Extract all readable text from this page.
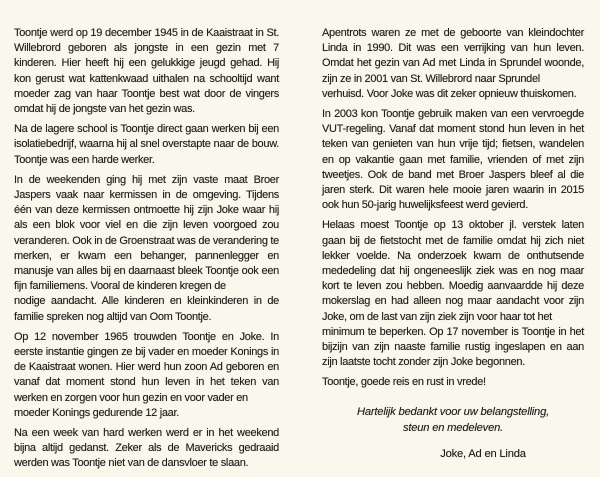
Toontje werd op 19 december 1945 in de Kaaistraat in St. Willebrord geboren als jongste in een gezin met 7 kinderen. Hier heeft hij een gelukkige jeugd gehad. Hij kon gerust wat kattenkwaad uithalen na schooltijd want moeder zag van haar Toontje best wat door de vingers omdat hij de jongste van het gezin was.

Na de lagere school is Toontje direct gaan werken bij een isolatiebedrijf, waarna hij al snel overstapte naar de bouw. Toontje was een harde werker.

In de weekenden ging hij met zijn vaste maat Broer Jaspers vaak naar kermissen in de omgeving. Tijdens één van deze kermissen ontmoette hij zijn Joke waar hij als een blok voor viel en die zijn leven voorgoed zou veranderen. Ook in de Groenstraat was de verandering te merken, er kwam een behanger, pannenlegger en manusje van alles bij en daarnaast bleek Toontje ook een fijn familiemens. Vooral de kinderen kregen de
nodige aandacht. Alle kinderen en kleinkinderen in de familie spreken nog altijd van Oom Toontje.

Op 12 november 1965 trouwden Toontje en Joke. In eerste instantie gingen ze bij vader en moeder Konings in de Kaaistraat wonen. Hier werd hun zoon Ad geboren en vanaf dat moment stond hun leven in het teken van werken en zorgen voor hun gezin en voor vader en
moeder Konings gedurende 12 jaar.

Na een week van hard werken werd er in het weekend bijna altijd gedanst. Zeker als de Mavericks gedraaid werden was Toontje niet van de dansvloer te slaan.

Apentrots waren ze met de geboorte van kleindochter Linda in 1990. Dit was een verrijking van hun leven. Omdat het gezin van Ad met Linda in Sprundel woonde, zijn ze in 2001 van St. Willebrord naar Sprundel
verhuisd. Voor Joke was dit zeker opnieuw thuiskomen.

In 2003 kon Toontje gebruik maken van een vervroegde VUT-regeling. Vanaf dat moment stond hun leven in het teken van genieten van hun vrije tijd; fietsen, wandelen en op vakantie gaan met familie, vrienden of met zijn tweetjes. Ook de band met Broer Jaspers bleef al die jaren sterk. Dit waren hele mooie jaren waarin in 2015 ook hun 50-jarig huwelijksfeest werd gevierd.

Helaas moest Toontje op 13 oktober jl. verstek laten gaan bij de fietstocht met de familie omdat hij zich niet lekker voelde. Na onderzoek kwam de onthutsende mededeling dat hij ongeneeslijk ziek was en nog maar kort te leven zou hebben. Moedig aanvaardde hij deze mokerslag en had alleen nog maar aandacht voor zijn Joke, om de last van zijn ziek zijn voor haar tot het
minimum te beperken. Op 17 november is Toontje in het bijzijn van zijn naaste familie rustig ingeslapen en aan zijn laatste tocht zonder zijn Joke begonnen.

Toontje, goede reis en rust in vrede!

Hartelijk bedankt voor uw belangstelling,
steun en medeleven.
Joke, Ad en Linda
